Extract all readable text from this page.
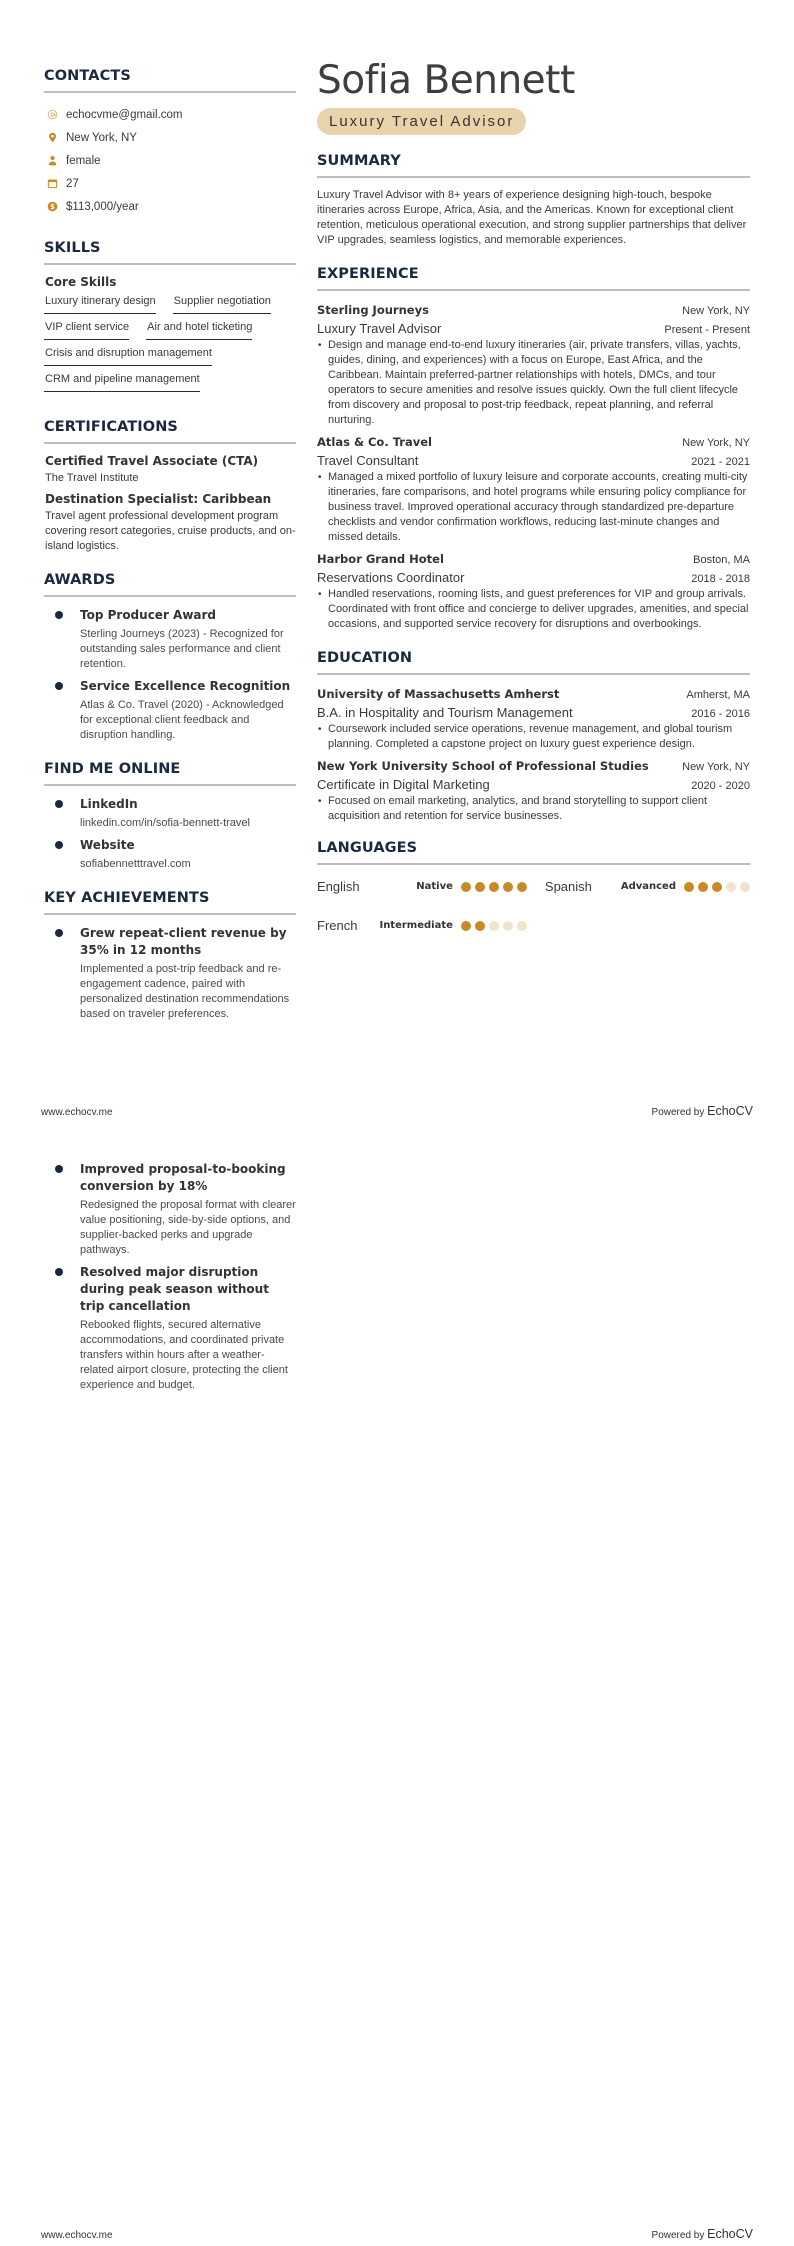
CONTACTS
echocvme@gmail.com
New York, NY
female
27
$ $113,000/year
SKILLS
Core Skills
Luxury itinerary design Supplier negotiation
VIP client service Air and hotel ticketing
Crisis and disruption management
CRM and pipeline management
CERTIFICATIONS
Certified Travel Associate (CTA)
The Travel Institute
Destination Specialist: Caribbean
Travel agent professional development program covering resort categories, cruise products, and on-island logistics.
AWARDS
Top Producer Award
Sterling Journeys (2023) - Recognized for outstanding sales performance and client retention.
Service Excellence Recognition
Atlas & Co. Travel (2020) - Acknowledged for exceptional client feedback and disruption handling.
FIND ME ONLINE
LinkedIn
linkedin.com/in/sofia-bennett-travel
Website
sofiabennetttravel.com
KEY ACHIEVEMENTS
Grew repeat-client revenue by 35% in 12 months
Implemented a post-trip feedback and re-engagement cadence, paired with personalized destination recommendations based on traveler preferences.
Sofia Bennett
Luxury Travel Advisor
SUMMARY

Luxury Travel Advisor with 8+ years of experience designing high-touch, bespoke itineraries across Europe, Africa, Asia, and the Americas. Known for exceptional client retention, meticulous operational execution, and strong supplier partnerships that deliver VIP upgrades, seamless logistics, and memorable experiences.

EXPERIENCE
Sterling Journeys	New York, NY
Luxury Travel Advisor	Present - Present
• Design and manage end-to-end luxury itineraries (air, private transfers, villas, yachts, guides, dining, and experiences) with a focus on Europe, East Africa, and the Caribbean. Maintain preferred-partner relationships with hotels, DMCs, and tour operators to secure amenities and resolve issues quickly. Own the full client lifecycle from discovery and proposal to post-trip feedback, repeat planning, and referral nurturing.
Atlas & Co. Travel	New York, NY
Travel Consultant	2021 - 2021
• Managed a mixed portfolio of luxury leisure and corporate accounts, creating multi-city itineraries, fare comparisons, and hotel programs while ensuring policy compliance for business travel. Improved operational accuracy through standardized pre-departure checklists and vendor confirmation workflows, reducing last-minute changes and missed details.
Harbor Grand Hotel	Boston, MA
Reservations Coordinator	2018 - 2018
• Handled reservations, rooming lists, and guest preferences for VIP and group arrivals. Coordinated with front office and concierge to deliver upgrades, amenities, and special occasions, and supported service recovery for disruptions and overbookings.
EDUCATION
University of Massachusetts Amherst	Amherst, MA
B.A. in Hospitality and Tourism Management	2016 - 2016
• Coursework included service operations, revenue management, and global tourism planning. Completed a capstone project on luxury guest experience design.
New York University School of Professional Studies	New York, NY
Certificate in Digital Marketing	2020 - 2020
• Focused on email marketing, analytics, and brand storytelling to support client acquisition and retention for service businesses.
LANGUAGES
English	Native	Spanish	Advanced
French Intermediate
www.echocv.me	Powered by EchoCV
Improved proposal-to-booking conversion by 18%
Redesigned the proposal format with clearer value positioning, side-by-side options, and supplier-backed perks and upgrade pathways.
Resolved major disruption during peak season without trip cancellation
Rebooked flights, secured alternative accommodations, and coordinated private transfers within hours after a weather-related airport closure, protecting the client experience and budget.
www.echocv.me	Powered by EchoCV
